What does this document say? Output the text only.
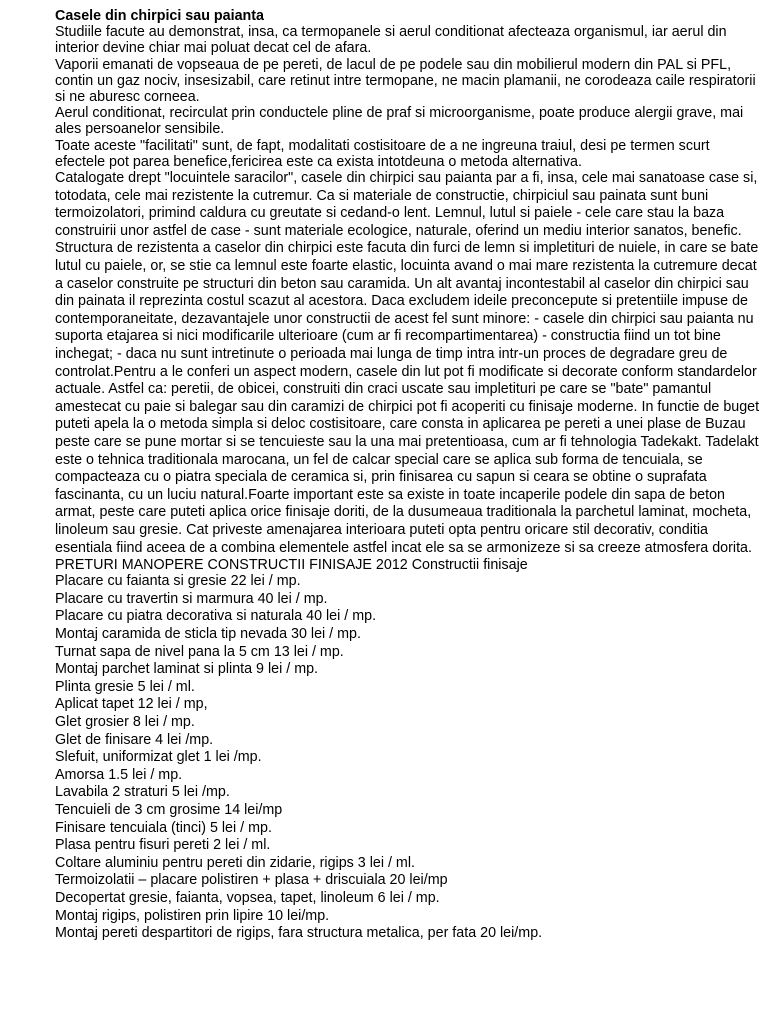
Casele din chirpici sau paianta

Studiile facute au demonstrat, insa, ca termopanele si aerul conditionat afecteaza organismul, iar aerul din interior devine chiar mai poluat decat cel de afara.

Vaporii emanati de vopseaua de pe pereti, de lacul de pe podele sau din mobilierul modern din PAL si PFL, contin un gaz nociv, insesizabil, care retinut intre termopane, ne macin plamanii, ne corodeaza caile respiratorii si ne aburesc corneea.

Aerul conditionat, recirculat prin conductele pline de praf si microorganisme, poate produce alergii grave, mai ales persoanelor sensibile.

Toate aceste "facilitati" sunt, de fapt, modalitati costisitoare de a ne ingreuna traiul, desi pe termen scurt efectele pot parea benefice,fericirea este ca exista intotdeuna o metoda alternativa.

Catalogate drept "locuintele saracilor", casele din chirpici sau paianta par a fi, insa, cele mai sanatoase case si, totodata, cele mai rezistente la cutremur. Ca si materiale de constructie, chirpiciul sau painata sunt buni termoizolatori, primind caldura cu greutate si cedand-o lent. Lemnul, lutul si paiele - cele care stau la baza construirii unor astfel de case - sunt materiale ecologice, naturale, oferind un mediu interior sanatos, benefic. Structura de rezistenta a caselor din chirpici este facuta din furci de lemn si impletituri de nuiele, in care se bate lutul cu paiele, or, se stie ca lemnul este foarte elastic, locuinta avand o mai mare rezistenta la cutremure decat a caselor construite pe structuri din beton sau caramida. Un alt avantaj incontestabil al caselor din chirpici sau din painata il reprezinta costul scazut al acestora. Daca excludem ideile preconcepute si pretentiile impuse de contemporaneitate, dezavantajele unor constructii de acest fel sunt minore: - casele din chirpici sau paianta nu suporta etajarea si nici modificarile ulterioare (cum ar fi recompartimentarea) - constructia fiind un tot bine inchegat; - daca nu sunt intretinute o perioada mai lunga de timp intra intr-un proces de degradare greu de controlat.Pentru a le conferi un aspect modern, casele din lut pot fi modificate si decorate conform standardelor actuale. Astfel ca: peretii, de obicei, construiti din craci uscate sau impletituri pe care se "bate" pamantul amestecat cu paie si balegar sau din caramizi de chirpici pot fi acoperiti cu finisaje moderne. In functie de buget puteti apela la o metoda simpla si deloc costisitoare, care consta in aplicarea pe pereti a unei plase de Buzau peste care se pune mortar si se tencuieste sau la una mai pretentioasa, cum ar fi tehnologia Tadekakt. Tadelakt este o tehnica traditionala marocana, un fel de calcar special care se aplica sub forma de tencuiala, se compacteaza cu o piatra speciala de ceramica si, prin finisarea cu sapun si ceara se obtine o suprafata fascinanta, cu un luciu natural.Foarte important este sa existe in toate incaperile podele din sapa de beton armat, peste care puteti aplica orice finisaje doriti, de la dusumeaua traditionala la parchetul laminat, mocheta, linoleum sau gresie. Cat priveste amenajarea interioara puteti opta pentru oricare stil decorativ, conditia esentiala fiind aceea de a combina elementele astfel incat ele sa se armonizeze si sa creeze atmosfera dorita.

PRETURI MANOPERE CONSTRUCTII FINISAJE 2012 Constructii finisaje

Placare cu faianta si gresie 22 lei / mp.
Placare cu travertin si marmura 40 lei / mp.
Placare cu piatra decorativa si naturala 40 lei / mp.
Montaj caramida de sticla tip nevada 30 lei / mp.
Turnat sapa de nivel pana la 5 cm 13 lei / mp.
Montaj parchet laminat si plinta 9 lei / mp.
Plinta gresie 5 lei / ml.
Aplicat tapet 12 lei / mp,
Glet grosier 8 lei / mp.
Glet de finisare 4 lei /mp.
Slefuit, uniformizat glet 1 lei /mp.
Amorsa 1.5 lei / mp.
Lavabila 2 straturi 5 lei /mp.
Tencuieli de 3 cm grosime 14 lei/mp
Finisare tencuiala (tinci) 5 lei / mp.
Plasa pentru fisuri pereti 2 lei / ml.
Coltare aluminiu pentru pereti din zidarie, rigips 3 lei / ml.
Termoizolatii – placare polistiren + plasa + driscuiala 20 lei/mp
Decopertat gresie, faianta, vopsea, tapet, linoleum 6 lei / mp.
Montaj rigips, polistiren prin lipire 10 lei/mp.
Montaj pereti despartitori de rigips, fara structura metalica, per fata 20 lei/mp.
